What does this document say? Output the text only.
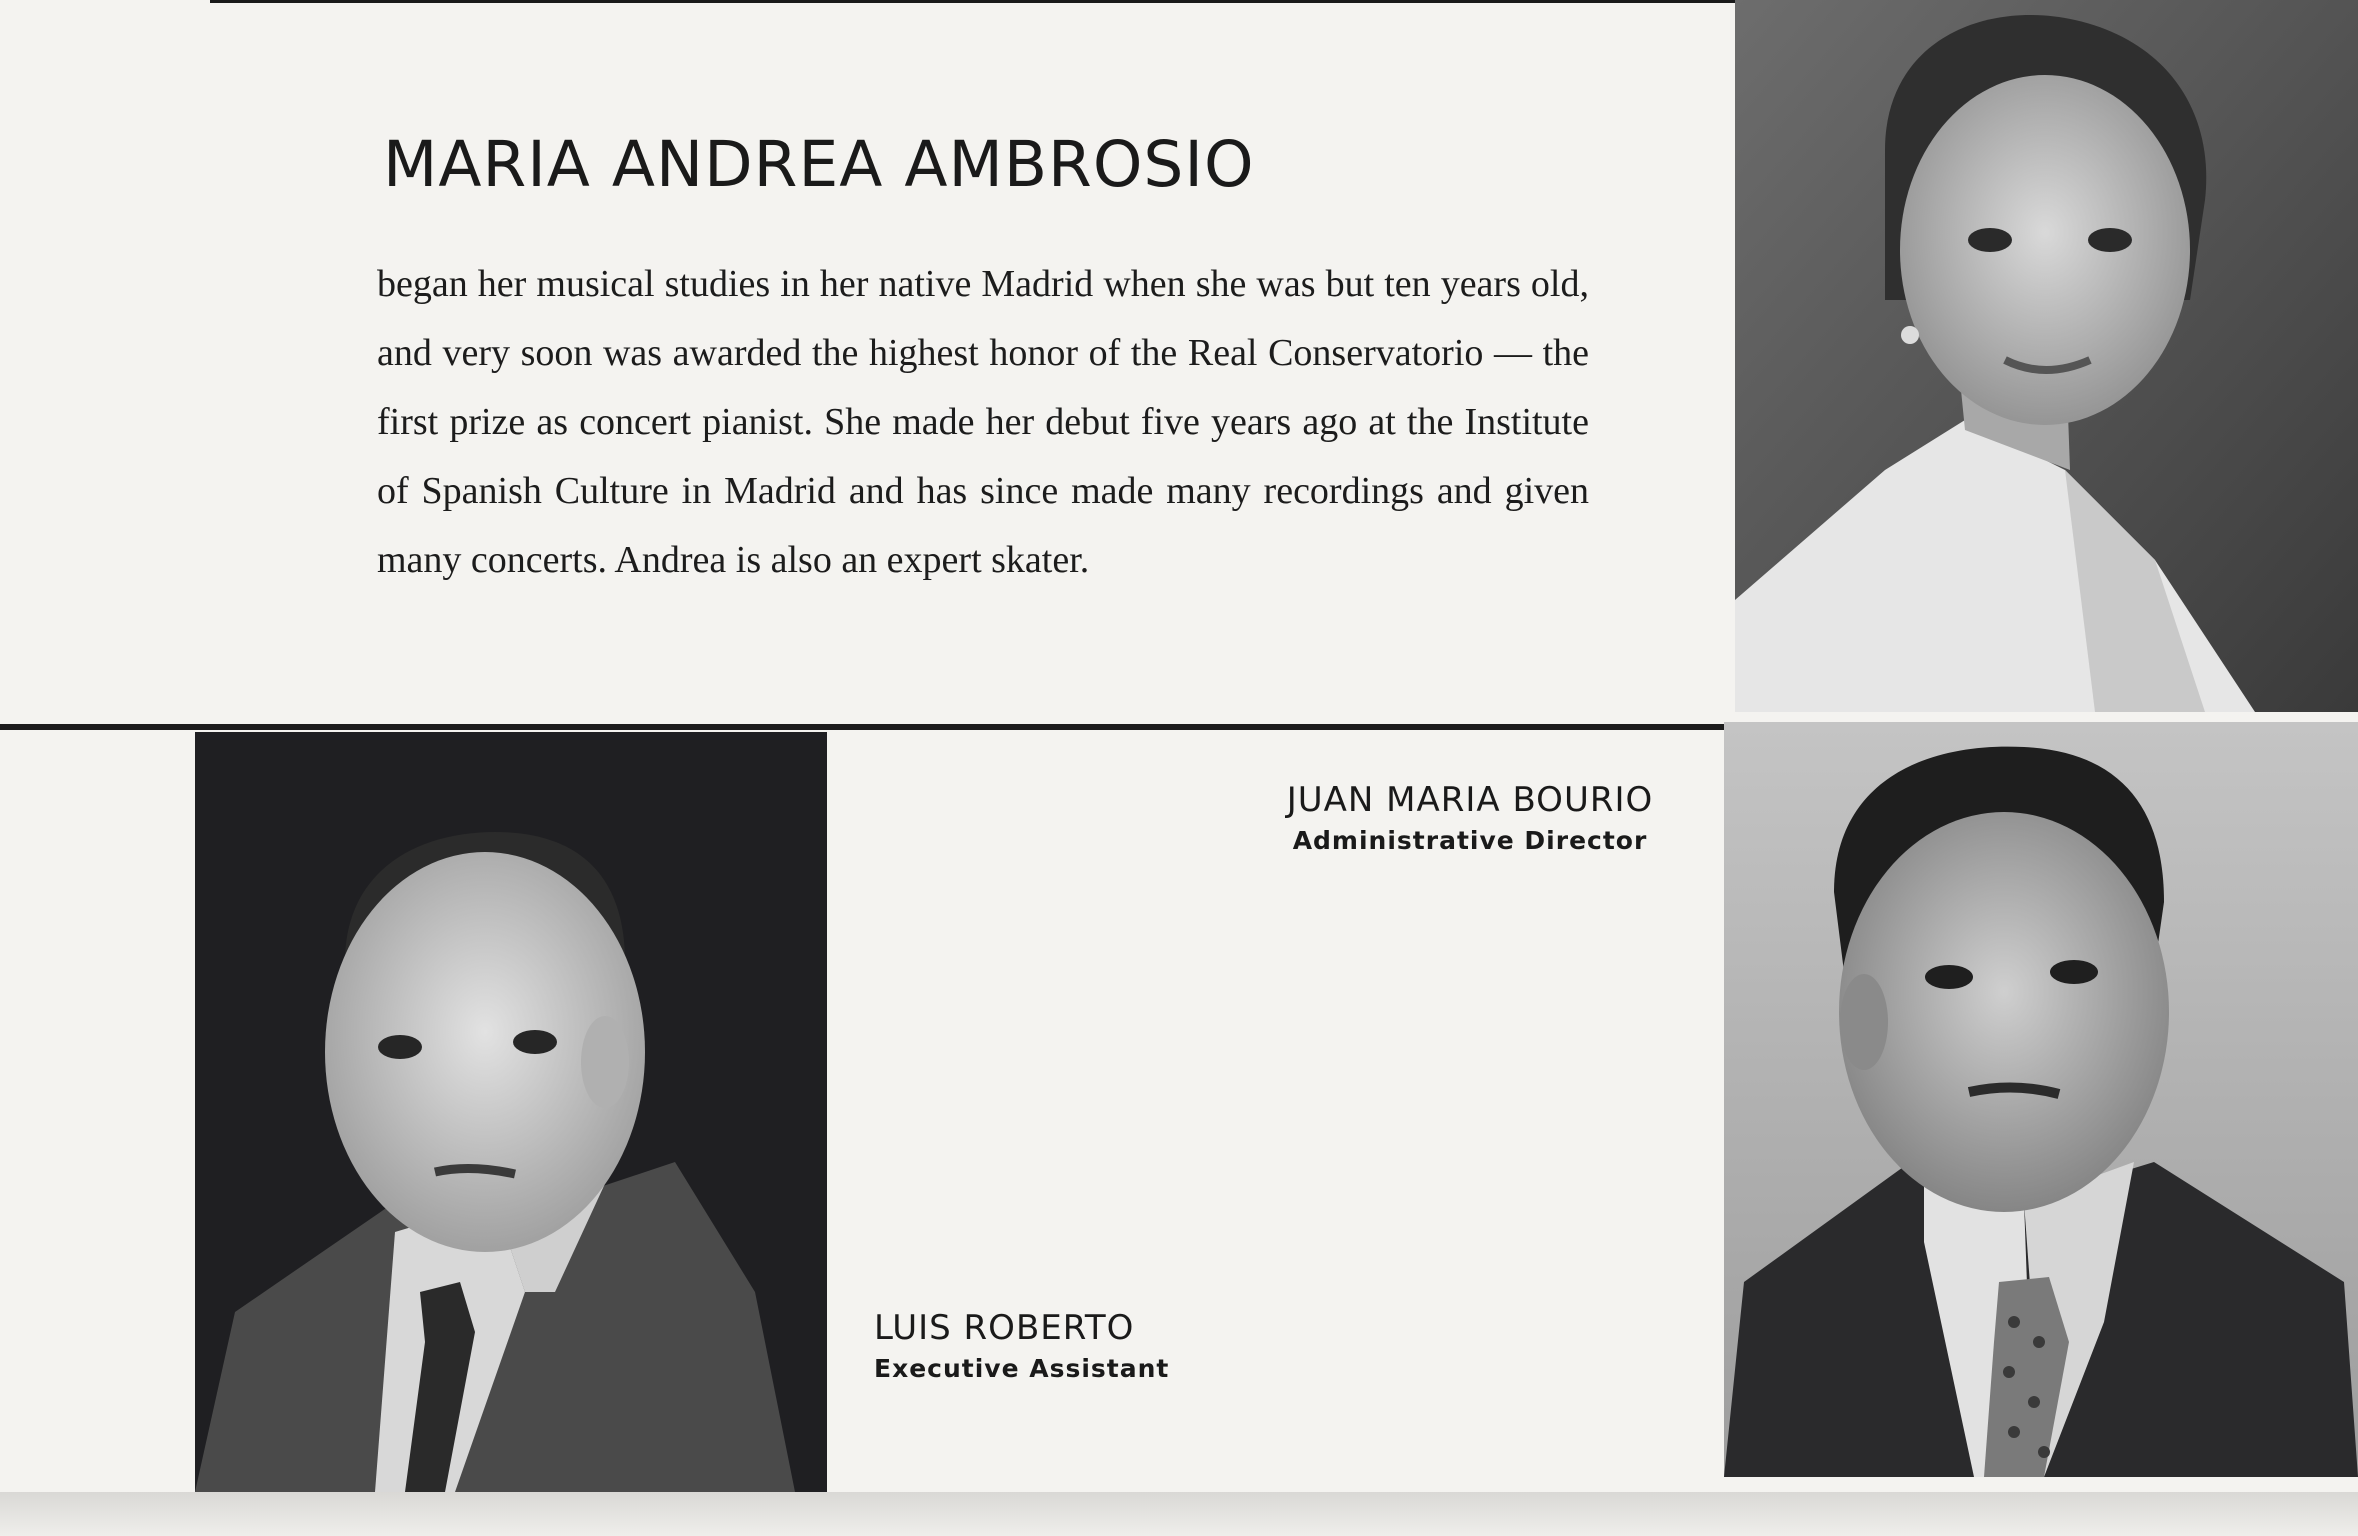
MARIA ANDREA AMBROSIO

began her musical studies in her native Madrid when she was but ten years old, and very soon was awarded the highest honor of the Real Conservatorio — the first prize as concert pianist. She made her debut five years ago at the Institute of Spanish Culture in Madrid and has since made many recordings and given many concerts. Andrea is also an expert skater.

JUAN MARIA BOURIO
Administrative Director
LUIS ROBERTO
Executive Assistant
